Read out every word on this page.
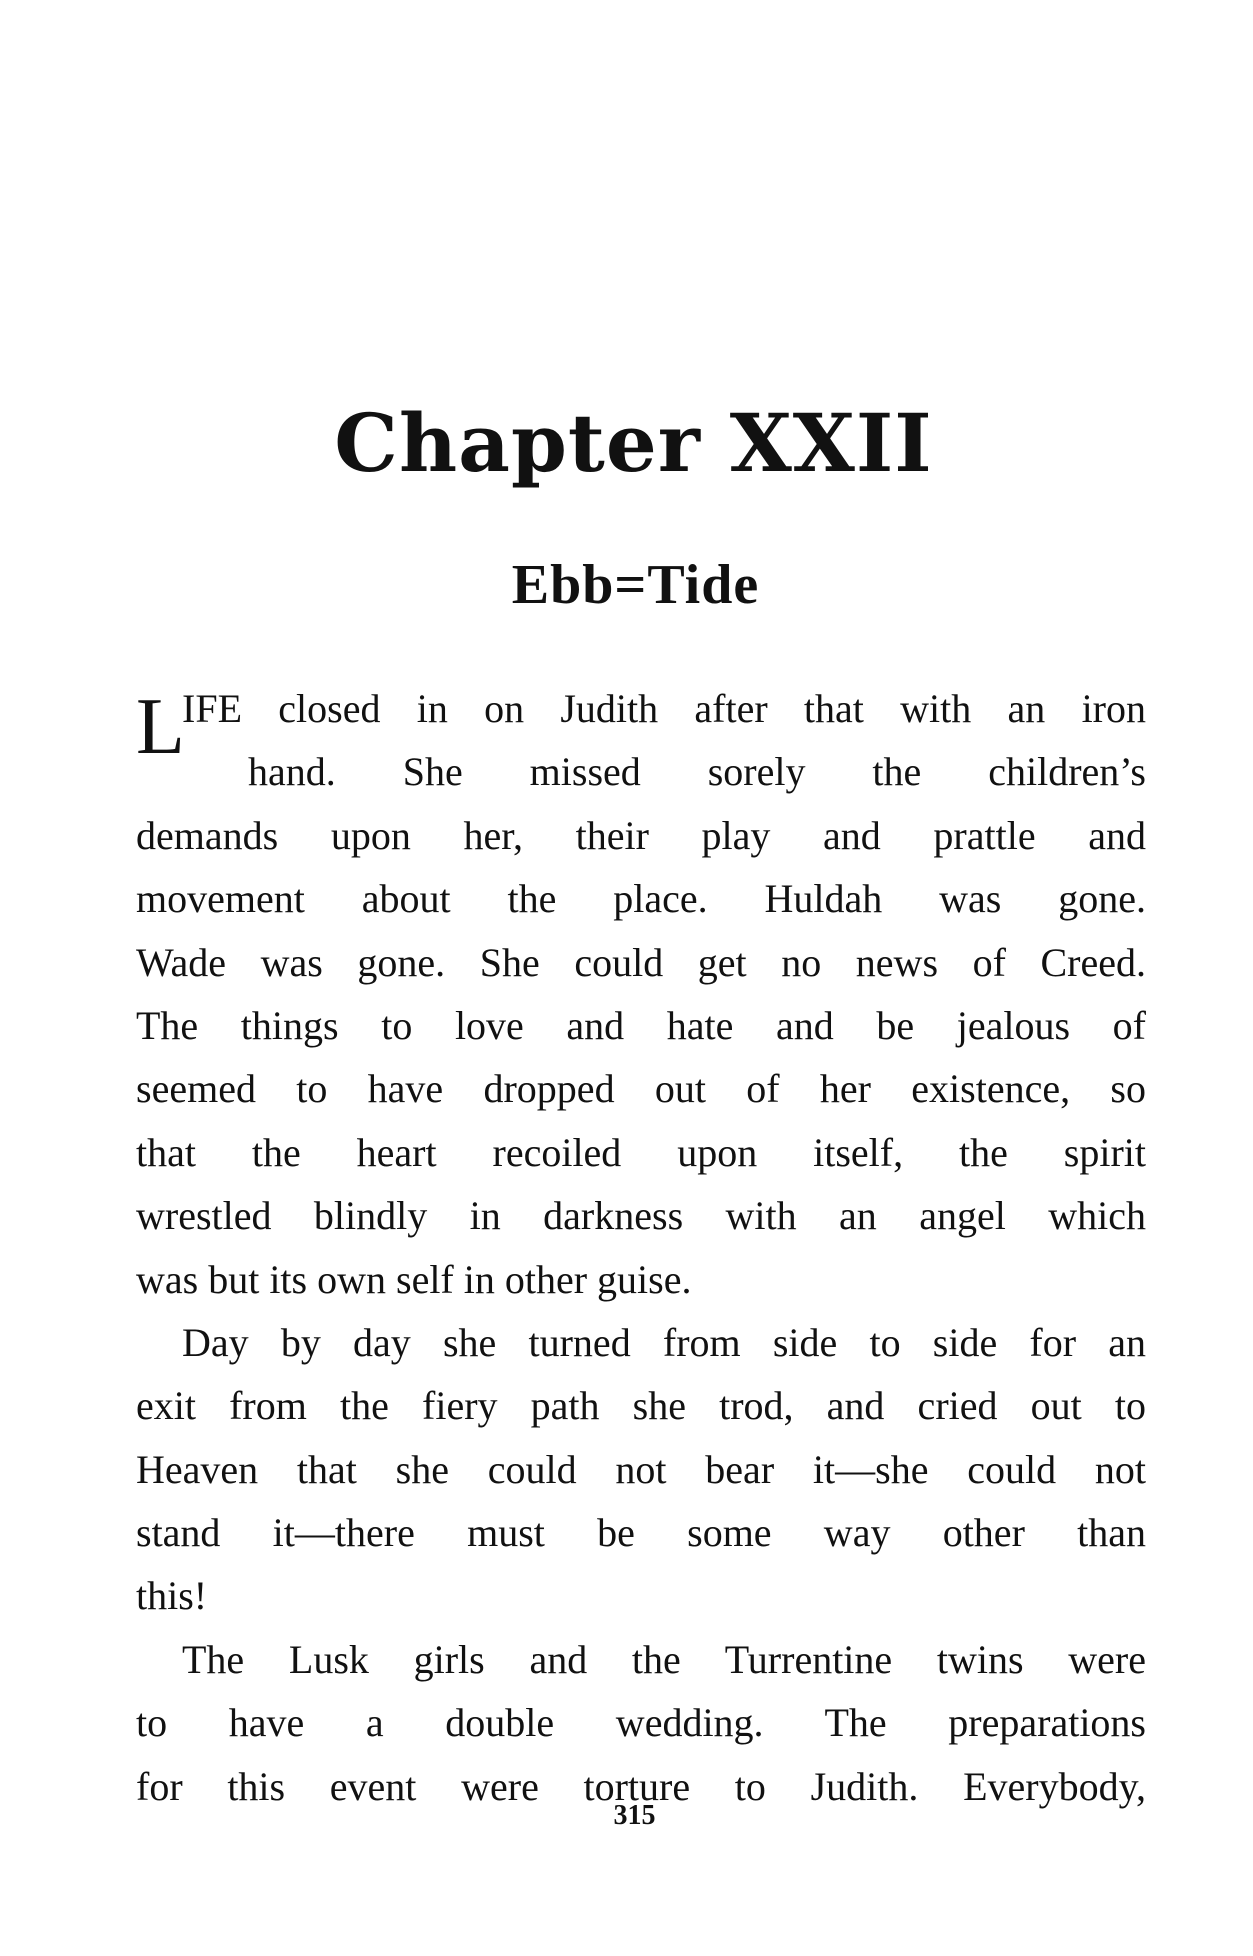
Chapter XXII
Ebb=Tide
L
IFE closed in on Judith after that with an iron
hand. She missed sorely the children’s
demands upon her, their play and prattle and
movement about the place. Huldah was gone.
Wade was gone. She could get no news of Creed.
The things to love and hate and be jealous of
seemed to have dropped out of her existence, so
that the heart recoiled upon itself, the spirit
wrestled blindly in darkness with an angel which
was but its own self in other guise.
Day by day she turned from side to side for an
exit from the fiery path she trod, and cried out to
Heaven that she could not bear it—she could not
stand it—there must be some way other than
this!
The Lusk girls and the Turrentine twins were
to have a double wedding. The preparations
for this event were torture to Judith. Everybody,
315
